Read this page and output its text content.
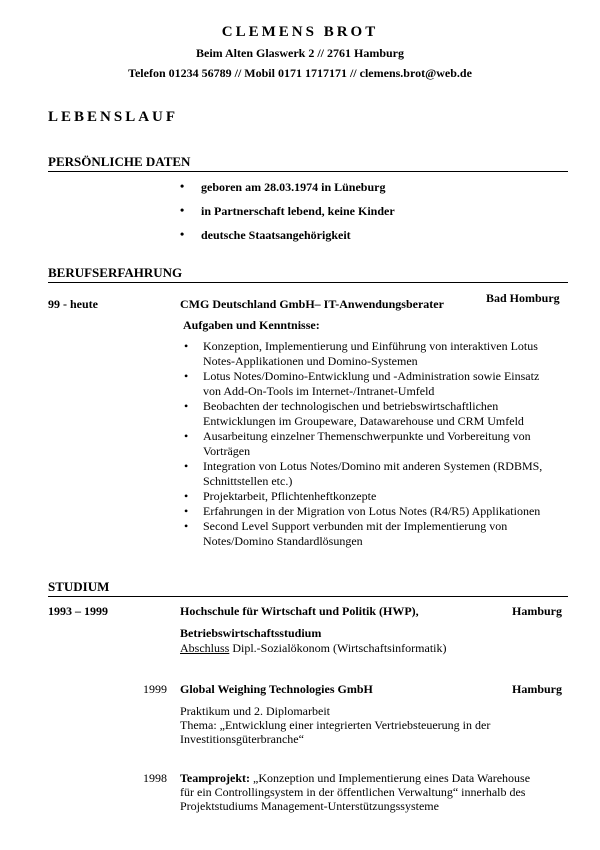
CLEMENS BROT
Beim Alten Glaswerk 2 // 2761 Hamburg
Telefon 01234 56789 // Mobil 0171 1717171 // clemens.brot@web.de
LEBENSLAUF
PERSÖNLICHE DATEN
• geboren am 28.03.1974 in Lüneburg
• in Partnerschaft lebend, keine Kinder
• deutsche Staatsangehörigkeit
BERUFSERFAHRUNG
99 - heute	CMG Deutschland GmbH– IT-Anwendungsberater	Bad Homburg
Aufgaben und Kenntnisse:
• Konzeption, Implementierung und Einführung von interaktiven Lotus
Notes-Applikationen und Domino-Systemen
• Lotus Notes/Domino-Entwicklung und -Administration sowie Einsatz
von Add-On-Tools im Internet-/Intranet-Umfeld
• Beobachten der technologischen und betriebswirtschaftlichen
Entwicklungen im Groupeware, Datawarehouse und CRM Umfeld
• Ausarbeitung einzelner Themenschwerpunkte und Vorbereitung von
Vorträgen
• Integration von Lotus Notes/Domino mit anderen Systemen (RDBMS,
Schnittstellen etc.)
• Projektarbeit, Pflichtenheftkonzepte
• Erfahrungen in der Migration von Lotus Notes (R4/R5) Applikationen
• Second Level Support verbunden mit der Implementierung von
Notes/Domino Standardlösungen
STUDIUM
1993 – 1999	Hochschule für Wirtschaft und Politik (HWP),	Hamburg
Betriebswirtschaftsstudium
Abschluss Dipl.-Sozialökonom (Wirtschaftsinformatik)
1999 Global Weighing Technologies GmbH	Hamburg
Praktikum und 2. Diplomarbeit
Thema: „Entwicklung einer integrierten Vertriebsteuerung in der
Investitionsgüterbranche“
1998 Teamprojekt: „Konzeption und Implementierung eines Data Warehouse
für ein Controllingsystem in der öffentlichen Verwaltung“ innerhalb des
Projektstudiums Management-Unterstützungssysteme
